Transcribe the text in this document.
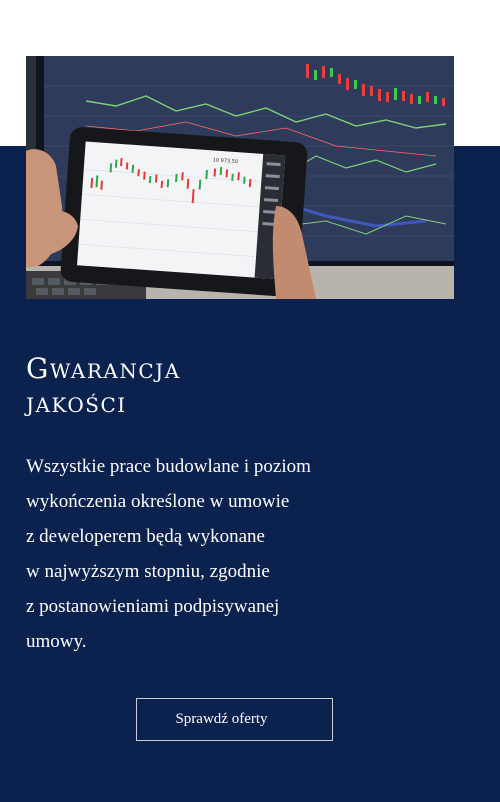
10 973.50
Gwarancja
jakości

Wszystkie prace budowlane i poziom
wykończenia określone w umowie
z deweloperem będą wykonane
w najwyższym stopniu, zgodnie
z postanowieniami podpisywanej
umowy.

Sprawdź oferty
